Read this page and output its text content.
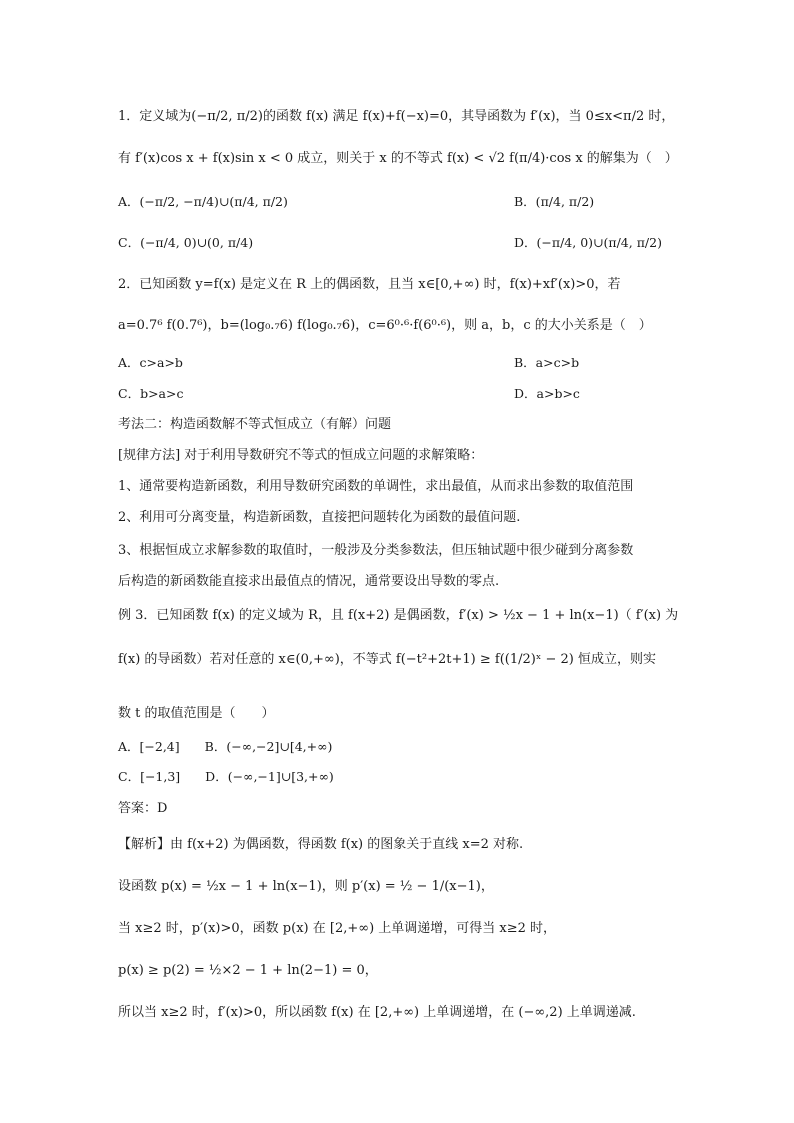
1．定义域为(−π/2, π/2)的函数 f(x) 满足 f(x)+f(−x)=0，其导函数为 f′(x)，当 0≤x<π/2 时，
有 f′(x)cos x + f(x)sin x < 0 成立，则关于 x 的不等式 f(x) < √2 f(π/4)·cos x 的解集为（　）
A．(−π/2, −π/4)∪(π/4, π/2)	B．(π/4, π/2)
C．(−π/4, 0)∪(0, π/4)	D．(−π/4, 0)∪(π/4, π/2)
2．已知函数 y=f(x) 是定义在 R 上的偶函数，且当 x∈[0,+∞) 时，f(x)+xf′(x)>0，若
a=0.7⁶ f(0.7⁶)，b=(log₀.₇6) f(log₀.₇6)，c=6⁰·⁶·f(6⁰·⁶)，则 a，b，c 的大小关系是（　）
A．c>a>b	B．a>c>b
C．b>a>c	D．a>b>c
考法二：构造函数解不等式恒成立（有解）问题
[规律方法] 对于利用导数研究不等式的恒成立问题的求解策略：
1、通常要构造新函数，利用导数研究函数的单调性，求出最值，从而求出参数的取值范围
2、利用可分离变量，构造新函数，直接把问题转化为函数的最值问题.
3、根据恒成立求解参数的取值时，一般涉及分类参数法，但压轴试题中很少碰到分离参数
后构造的新函数能直接求出最值点的情况，通常要设出导数的零点.
例 3．已知函数 f(x) 的定义域为 R，且 f(x+2) 是偶函数，f′(x) > ½x − 1 + ln(x−1)（ f′(x) 为
f(x) 的导函数）若对任意的 x∈(0,+∞)，不等式 f(−t²+2t+1) ≥ f((1/2)ˣ − 2) 恒成立，则实
数 t 的取值范围是（　　）
A．[−2,4]　　B．(−∞,−2]∪[4,+∞)
C．[−1,3]　　D．(−∞,−1]∪[3,+∞)
答案：D
【解析】由 f(x+2) 为偶函数，得函数 f(x) 的图象关于直线 x=2 对称.
设函数 p(x) = ½x − 1 + ln(x−1)，则 p′(x) = ½ − 1/(x−1)，
当 x≥2 时，p′(x)>0，函数 p(x) 在 [2,+∞) 上单调递增，可得当 x≥2 时，
p(x) ≥ p(2) = ½×2 − 1 + ln(2−1) = 0，
所以当 x≥2 时，f′(x)>0，所以函数 f(x) 在 [2,+∞) 上单调递增，在 (−∞,2) 上单调递减.
